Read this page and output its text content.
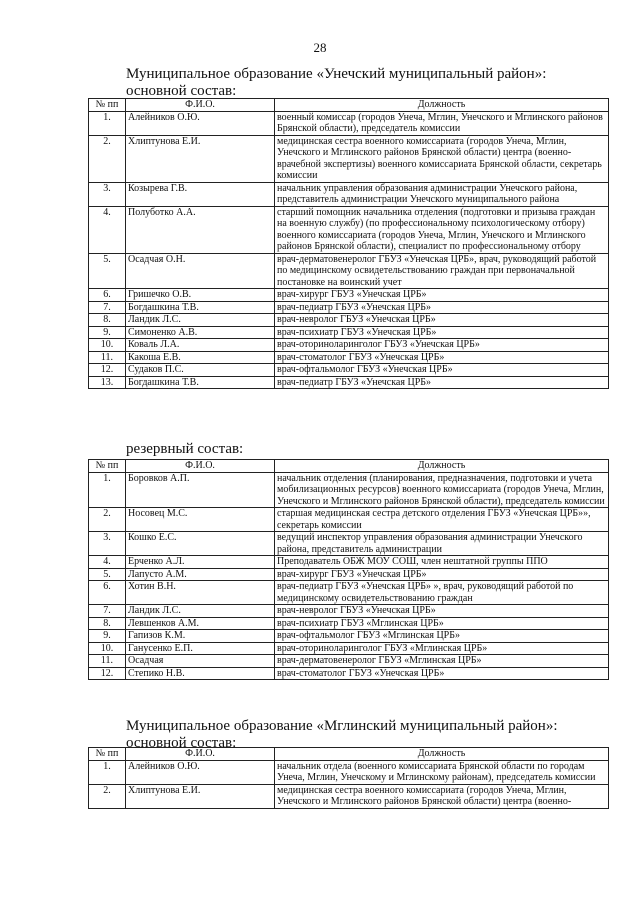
28
Муниципальное образование «Унечский муниципальный район»:
основной состав:
№ пп	Ф.И.О.	Должность
1.	Алейников О.Ю.	военный комиссар (городов Унеча, Мглин, Унечского и Мглинского районов Брянской области), председатель комиссии
2.	Хлиптунова Е.И.	медицинская сестра военного комиссариата (городов Унеча, Мглин, Унечского и Мглинского районов Брянской области) центра (военно-врачебной экспертизы) военного комиссариата Брянской области, секретарь комиссии
3.	Козырева Г.В.	начальник управления образования администрации Унечского района, представитель администрации Унечского муниципального района
4.	Полуботко А.А.	старший помощник начальника отделения (подготовки и призыва граждан на военную службу) (по профессиональному психологическому отбору) военного комиссариата (городов Унеча, Мглин, Унечского и Мглинского районов Брянской области), специалист по профессиональному отбору
5.	Осадчая О.Н.	врач-дерматовенеролог ГБУЗ «Унечская ЦРБ», врач, руководящий работой по медицинскому освидетельствованию граждан при первоначальной постановке на воинский учет
6.	Гришечко О.В.	врач-хирург ГБУЗ «Унечская ЦРБ»
7.	Богдашкина Т.В.	врач-педиатр ГБУЗ «Унечская ЦРБ»
8.	Ландик Л.С.	врач-невролог ГБУЗ «Унечская ЦРБ»
9.	Симоненко А.В.	врач-психиатр ГБУЗ «Унечская ЦРБ»
10.	Коваль Л.А.	врач-оториноларинголог ГБУЗ «Унечская ЦРБ»
11.	Какоша Е.В.	врач-стоматолог ГБУЗ «Унечская ЦРБ»
12.	Судаков П.С.	врач-офтальмолог ГБУЗ «Унечская ЦРБ»
13.	Богдашкина Т.В.	врач-педиатр ГБУЗ «Унечская ЦРБ»
резервный состав:
№ пп	Ф.И.О.	Должность
1.	Боровков А.П.	начальник отделения (планирования, предназначения, подготовки и учета мобилизационных ресурсов) военного комиссариата (городов Унеча, Мглин, Унечского и Мглинского районов Брянской области), председатель комиссии
2.	Носовец М.С.	старшая медицинская сестра детского отделения ГБУЗ «Унечская ЦРБ»», секретарь комиссии
3.	Кошко Е.С.	ведущий инспектор управления образования администрации Унечского района, представитель администрации
4.	Ерченко А.Л.	Преподаватель ОБЖ МОУ СОШ, член нештатной группы ППО
5.	Лапусто А.М.	врач-хирург ГБУЗ «Унечская ЦРБ»
6.	Хотин В.Н.	врач-педиатр ГБУЗ «Унечская ЦРБ» », врач, руководящий работой по медицинскому освидетельствованию граждан
7.	Ландик Л.С.	врач-невролог ГБУЗ «Унечская ЦРБ»
8.	Левшенков А.М.	врач-психиатр ГБУЗ «Мглинская ЦРБ»
9.	Гапизов К.М.	врач-офтальмолог ГБУЗ «Мглинская ЦРБ»
10.	Ганусенко Е.П.	врач-оториноларинголог ГБУЗ «Мглинская ЦРБ»
11.	Осадчая	врач-дерматовенеролог ГБУЗ «Мглинская ЦРБ»
12.	Степико Н.В.	врач-стоматолог ГБУЗ «Унечская ЦРБ»
Муниципальное образование «Мглинский муниципальный район»:
основной состав:
№ пп	Ф.И.О.	Должность
1.	Алейников О.Ю.	начальник отдела (военного комиссариата Брянской области по городам Унеча, Мглин, Унечскому и Мглинскому районам), председатель комиссии
2.	Хлиптунова Е.И.	медицинская сестра военного комиссариата (городов Унеча, Мглин, Унечского и Мглинского районов Брянской области) центра (военно-
